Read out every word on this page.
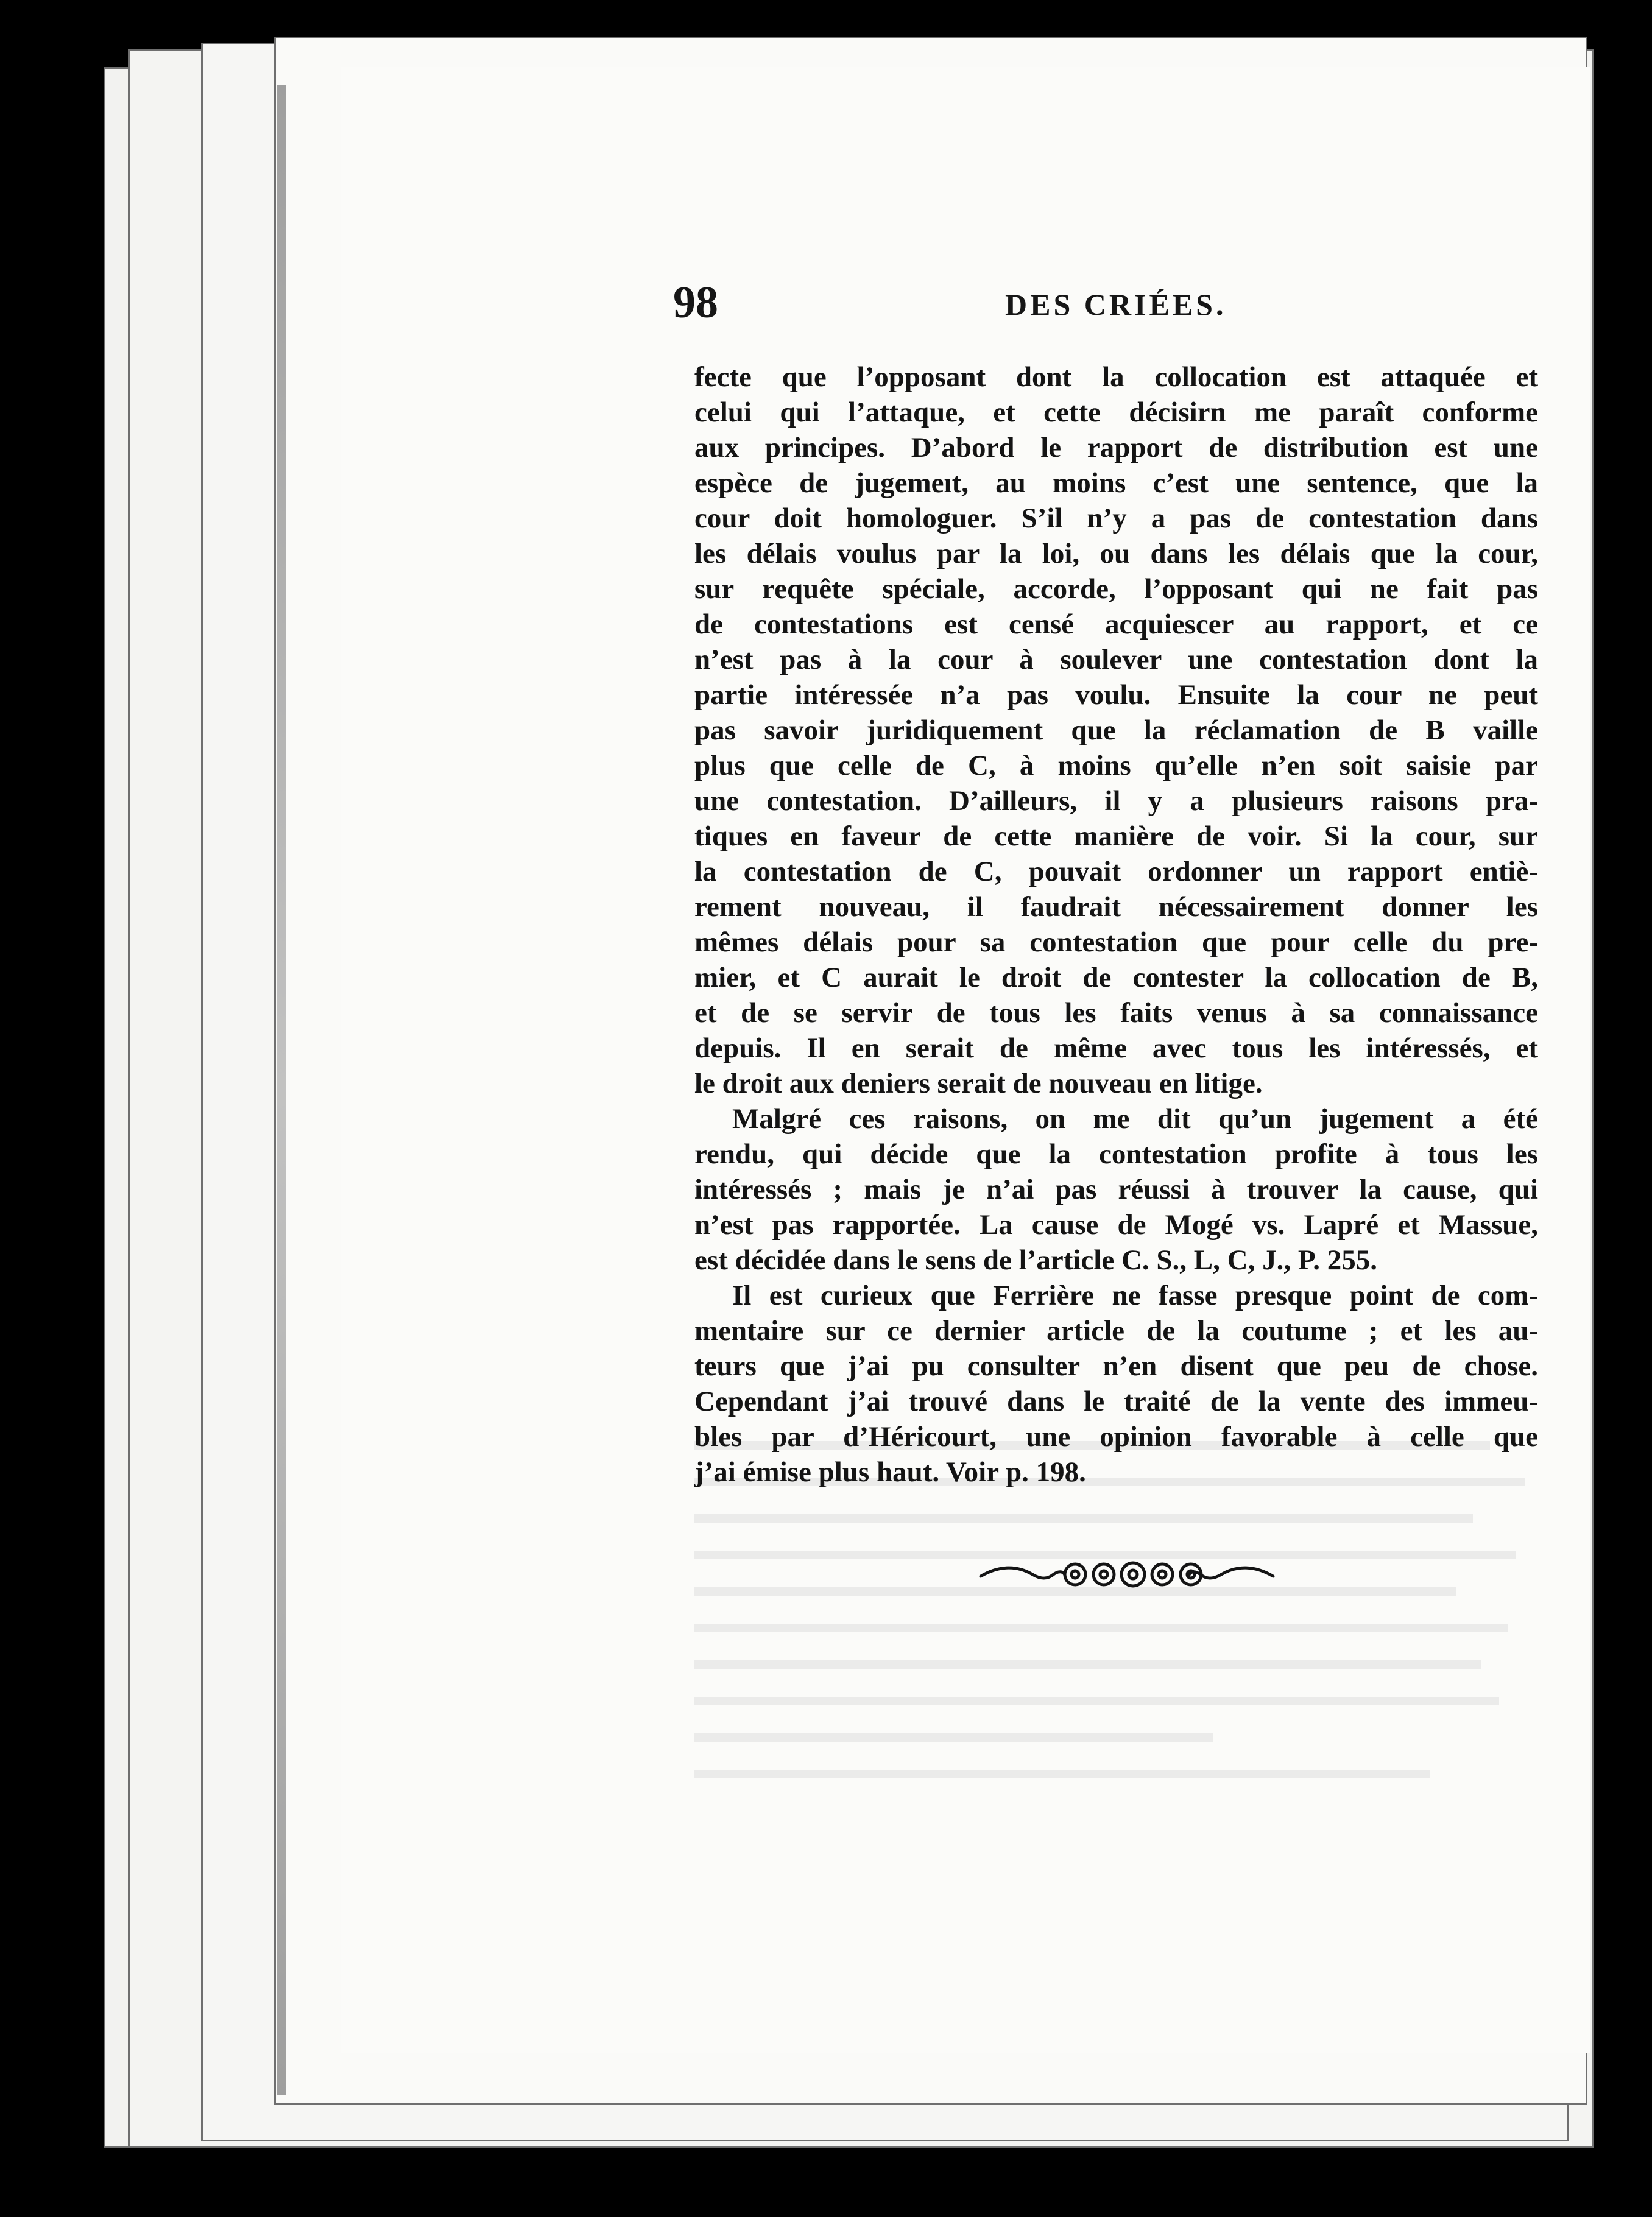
98	DES CRIÉES.
fecte que l’opposant dont la collocation est attaquée et
celui qui l’attaque, et cette décisirn me paraît conforme
aux principes. D’abord le rapport de distribution est une
espèce de jugemeıt, au moins c’est une sentence, que la
cour doit homologuer. S’il n’y a pas de contestation dans
les délais voulus par la loi, ou dans les délais que la cour,
sur requête spéciale, accorde, l’opposant qui ne fait pas
de contestations est censé acquiescer au rapport, et ce
n’est pas à la cour à soulever une contestation dont la
partie intéressée n’a pas voulu. Ensuite la cour ne peut
pas savoir juridiquement que la réclamation de B vaille
plus que celle de C, à moins qu’elle n’en soit saisie par
une contestation. D’ailleurs, il y a plusieurs raisons pra-
tiques en faveur de cette manière de voir. Si la cour, sur
la contestation de C, pouvait ordonner un rapport entiè-
rement nouveau, il faudrait nécessairement donner les
mêmes délais pour sa contestation que pour celle du pre-
mier, et C aurait le droit de contester la collocation de B,
et de se servir de tous les faits venus à sa connaissance
depuis. Il en serait de même avec tous les intéressés, et
le droit aux deniers serait de nouveau en litige.
Malgré ces raisons, on me dit qu’un jugement a été
rendu, qui décide que la contestation profite à tous les
intéressés ; mais je n’ai pas réussi à trouver la cause, qui
n’est pas rapportée. La cause de Mogé vs. Lapré et Massue,
est décidée dans le sens de l’article C. S., L, C, J., P. 255.
Il est curieux que Ferrière ne fasse presque point de com-
mentaire sur ce dernier article de la coutume ; et les au-
teurs que j’ai pu consulter n’en disent que peu de chose.
Cependant j’ai trouvé dans le traité de la vente des immeu-
bles par d’Héricourt, une opinion favorable à celle que
j’ai émise plus haut. Voir p. 198.
